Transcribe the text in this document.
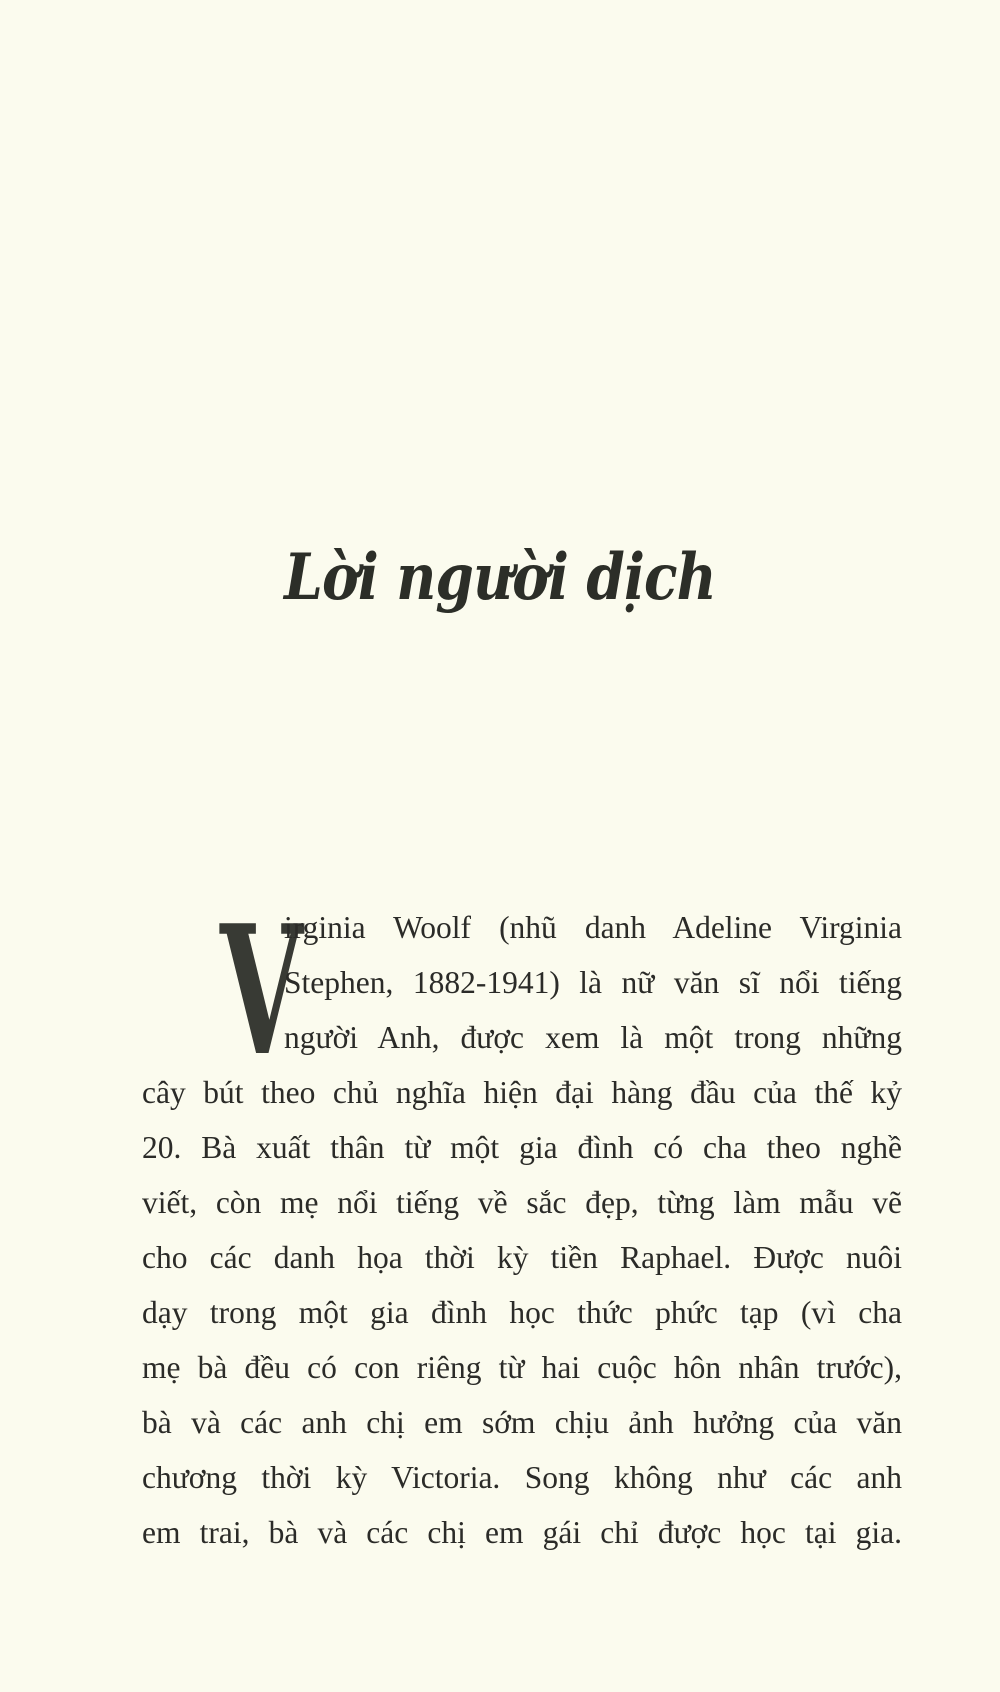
Lời người dịch
V
irginia Woolf (nhũ danh Adeline Virginia
Stephen, 1882-1941) là nữ văn sĩ nổi tiếng
người Anh, được xem là một trong những
cây bút theo chủ nghĩa hiện đại hàng đầu của thế kỷ
20. Bà xuất thân từ một gia đình có cha theo nghề
viết, còn mẹ nổi tiếng về sắc đẹp, từng làm mẫu vẽ
cho các danh họa thời kỳ tiền Raphael. Được nuôi
dạy trong một gia đình học thức phức tạp (vì cha
mẹ bà đều có con riêng từ hai cuộc hôn nhân trước),
bà và các anh chị em sớm chịu ảnh hưởng của văn
chương thời kỳ Victoria. Song không như các anh
em trai, bà và các chị em gái chỉ được học tại gia.
